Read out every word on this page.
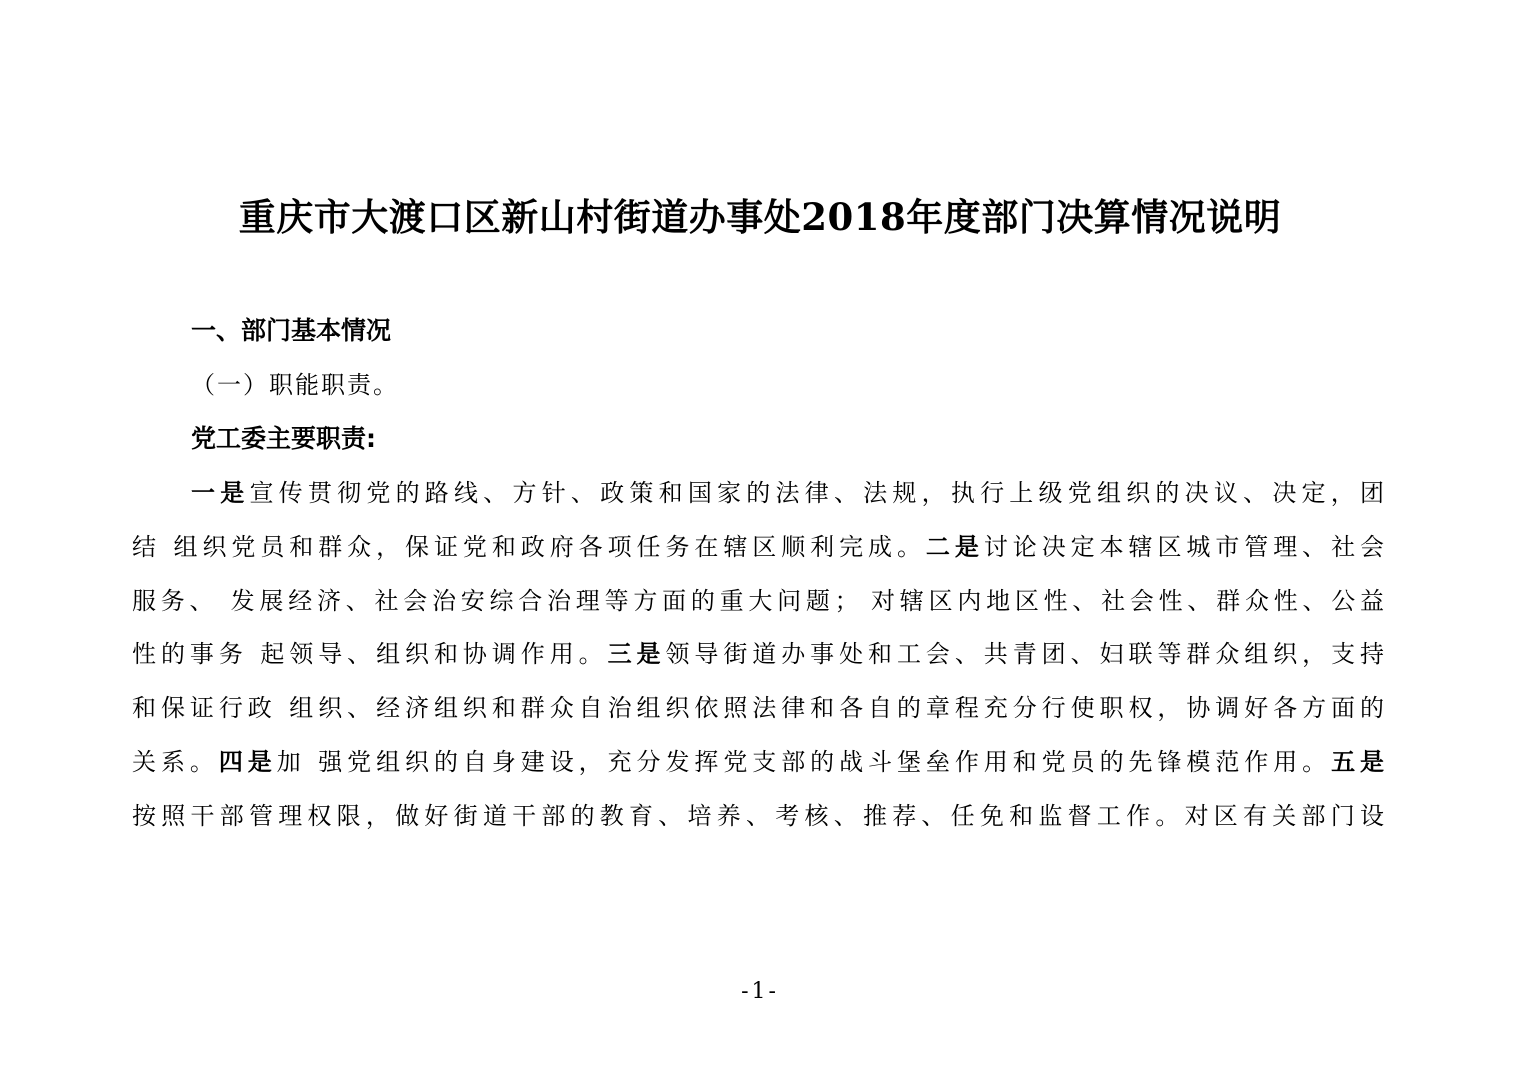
重庆市大渡口区新山村街道办事处2018年度部门决算情况说明
一、部门基本情况
（一）职能职责。
党工委主要职责:
一是宣传贯彻党的路线、方针、政策和国家的法律、法规，执行上级党组织的决议、决定，团
结 组织党员和群众，保证党和政府各项任务在辖区顺利完成。二是讨论决定本辖区城市管理、社会
服务、 发展经济、社会治安综合治理等方面的重大问题； 对辖区内地区性、社会性、群众性、公益
性的事务 起领导、组织和协调作用。三是领导街道办事处和工会、共青团、妇联等群众组织，支持
和保证行政 组织、经济组织和群众自治组织依照法律和各自的章程充分行使职权，协调好各方面的
关系。四是加 强党组织的自身建设，充分发挥党支部的战斗堡垒作用和党员的先锋模范作用。五是
按照干部管理权限，做好街道干部的教育、培养、考核、推荐、任免和监督工作。对区有关部门设
-1-
